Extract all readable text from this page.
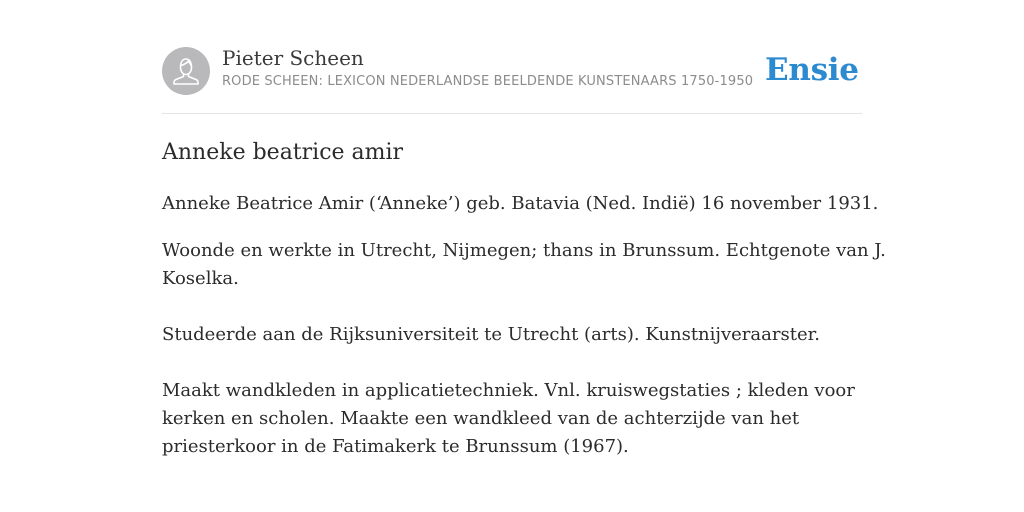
Pieter Scheen
RODE SCHEEN: LEXICON NEDERLANDSE BEELDENDE KUNSTENAARS 1750-1950 Ensie
Anneke beatrice amir
Anneke Beatrice Amir (‘Anneke’) geb. Batavia (Ned. Indië) 16 november 1931.
Woonde en werkte in Utrecht, Nijmegen; thans in Brunssum. Echtgenote van J.
Koselka.
Studeerde aan de Rijksuniversiteit te Utrecht (arts). Kunstnijveraarster.
Maakt wandkleden in applicatietechniek. Vnl. kruiswegstaties ; kleden voor
kerken en scholen. Maakte een wandkleed van de achterzijde van het
priesterkoor in de Fatimakerk te Brunssum (1967).
